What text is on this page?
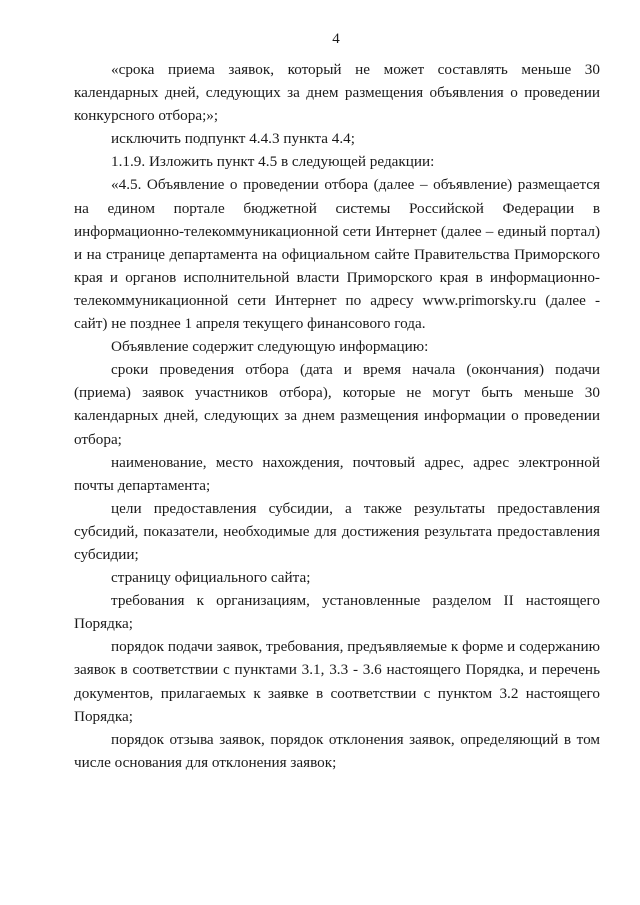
4

«срока приема заявок, который не может составлять меньше 30 календарных дней, следующих за днем размещения объявления о проведении конкурсного отбора;»;

исключить подпункт 4.4.3 пункта 4.4;

1.1.9. Изложить пункт 4.5 в следующей редакции:

«4.5. Объявление о проведении отбора (далее – объявление) размещается на едином портале бюджетной системы Российской Федерации в информационно-телекоммуникационной сети Интернет (далее – единый портал) и на странице департамента на официальном сайте Правительства Приморского края и органов исполнительной власти Приморского края в информационно-телекоммуникационной сети Интернет по адресу www.primorsky.ru (далее - сайт) не позднее 1 апреля текущего финансового года.

Объявление содержит следующую информацию:

сроки проведения отбора (дата и время начала (окончания) подачи (приема) заявок участников отбора), которые не могут быть меньше 30 календарных дней, следующих за днем размещения информации о проведении отбора;

наименование, место нахождения, почтовый адрес, адрес электронной почты департамента;

цели предоставления субсидии, а также результаты предоставления субсидий, показатели, необходимые для достижения результата предоставления субсидии;

страницу официального сайта;

требования к организациям, установленные разделом II настоящего Порядка;

порядок подачи заявок, требования, предъявляемые к форме и содержанию заявок в соответствии с пунктами 3.1, 3.3 - 3.6 настоящего Порядка, и перечень документов, прилагаемых к заявке в соответствии с пунктом 3.2 настоящего Порядка;

порядок отзыва заявок, порядок отклонения заявок, определяющий в том числе основания для отклонения заявок;
